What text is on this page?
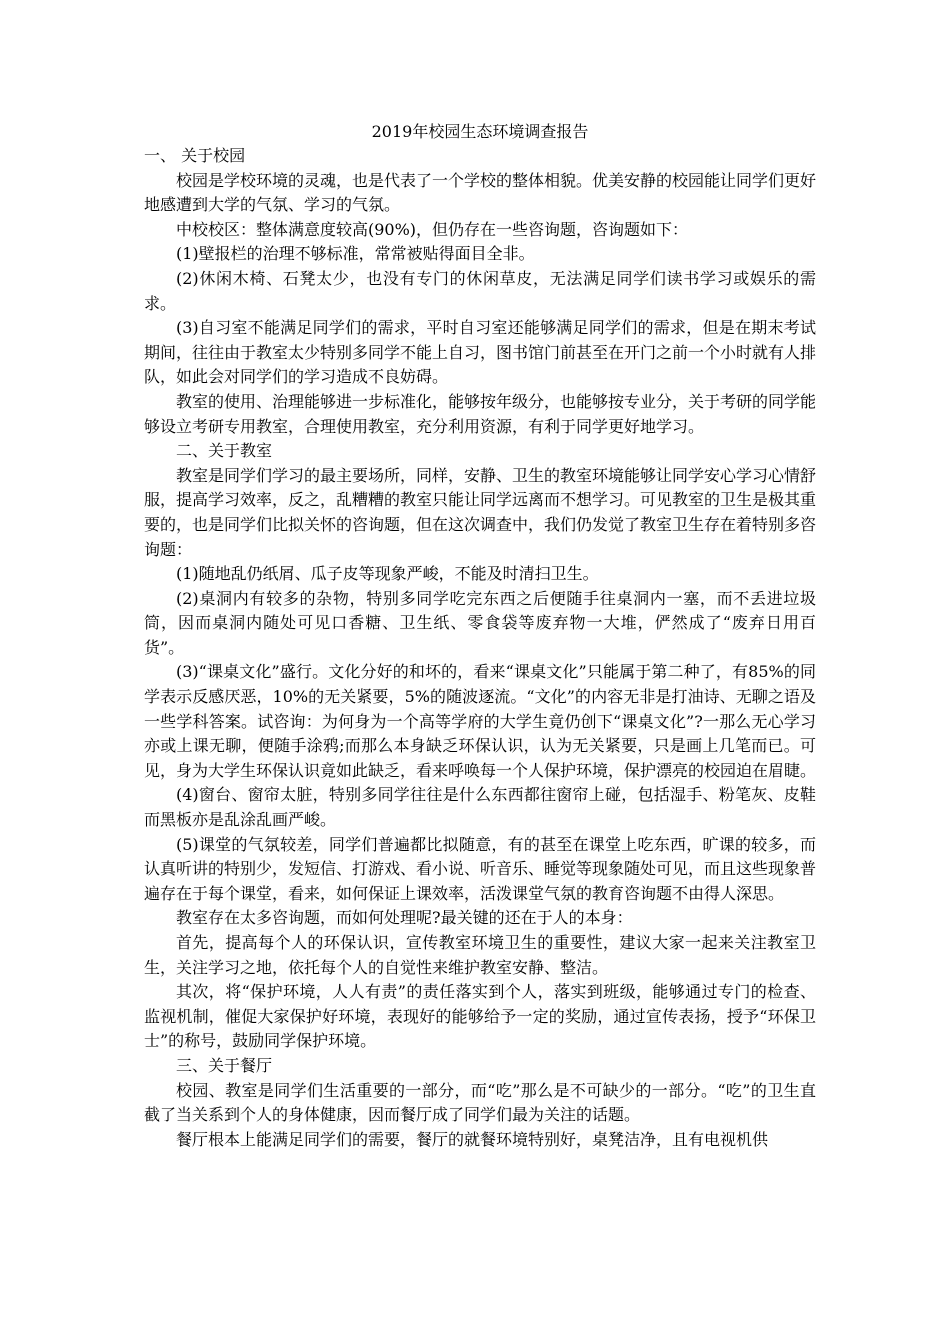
2019年校园生态环境调查报告

一、 关于校园

校园是学校环境的灵魂，也是代表了一个学校的整体相貌。优美安静的校园能让同学们更好地感遭到大学的气氛、学习的气氛。

中校校区：整体满意度较高(90%)，但仍存在一些咨询题，咨询题如下：

(1)壁报栏的治理不够标准，常常被贴得面目全非。

(2)休闲木椅、石凳太少，也没有专门的休闲草皮，无法满足同学们读书学习或娱乐的需求。

(3)自习室不能满足同学们的需求，平时自习室还能够满足同学们的需求，但是在期末考试期间，往往由于教室太少特别多同学不能上自习，图书馆门前甚至在开门之前一个小时就有人排队，如此会对同学们的学习造成不良妨碍。

教室的使用、治理能够进一步标准化，能够按年级分，也能够按专业分，关于考研的同学能够设立考研专用教室，合理使用教室，充分利用资源，有利于同学更好地学习。

二、关于教室

教室是同学们学习的最主要场所，同样，安静、卫生的教室环境能够让同学安心学习心情舒服，提高学习效率，反之，乱糟糟的教室只能让同学远离而不想学习。可见教室的卫生是极其重要的，也是同学们比拟关怀的咨询题，但在这次调查中，我们仍发觉了教室卫生存在着特别多咨询题：

(1)随地乱仍纸屑、瓜子皮等现象严峻，不能及时清扫卫生。

(2)桌洞内有较多的杂物，特别多同学吃完东西之后便随手往桌洞内一塞，而不丢进垃圾筒，因而桌洞内随处可见口香糖、卫生纸、零食袋等废弃物一大堆，俨然成了“废弃日用百货”。

(3)“课桌文化”盛行。文化分好的和坏的，看来“课桌文化”只能属于第二种了，有85%的同学表示反感厌恶，10%的无关紧要，5%的随波逐流。“文化”的内容无非是打油诗、无聊之语及一些学科答案。试咨询：为何身为一个高等学府的大学生竟仍创下“课桌文化”?一那么无心学习亦或上课无聊，便随手涂鸦;而那么本身缺乏环保认识，认为无关紧要，只是画上几笔而已。可见，身为大学生环保认识竟如此缺乏，看来呼唤每一个人保护环境，保护漂亮的校园迫在眉睫。

(4)窗台、窗帘太脏，特别多同学往往是什么东西都往窗帘上碰，包括湿手、粉笔灰、皮鞋而黑板亦是乱涂乱画严峻。

(5)课堂的气氛较差，同学们普遍都比拟随意，有的甚至在课堂上吃东西，旷课的较多，而认真听讲的特别少，发短信、打游戏、看小说、听音乐、睡觉等现象随处可见，而且这些现象普遍存在于每个课堂，看来，如何保证上课效率，活泼课堂气氛的教育咨询题不由得人深思。

教室存在太多咨询题，而如何处理呢?最关键的还在于人的本身：

首先，提高每个人的环保认识，宣传教室环境卫生的重要性，建议大家一起来关注教室卫生，关注学习之地，依托每个人的自觉性来维护教室安静、整洁。

其次，将“保护环境，人人有责”的责任落实到个人，落实到班级，能够通过专门的检查、监视机制，催促大家保护好环境，表现好的能够给予一定的奖励，通过宣传表扬，授予“环保卫士”的称号，鼓励同学保护环境。

三、关于餐厅

校园、教室是同学们生活重要的一部分，而“吃”那么是不可缺少的一部分。“吃”的卫生直截了当关系到个人的身体健康，因而餐厅成了同学们最为关注的话题。

餐厅根本上能满足同学们的需要，餐厅的就餐环境特别好，桌凳洁净，且有电视机供
